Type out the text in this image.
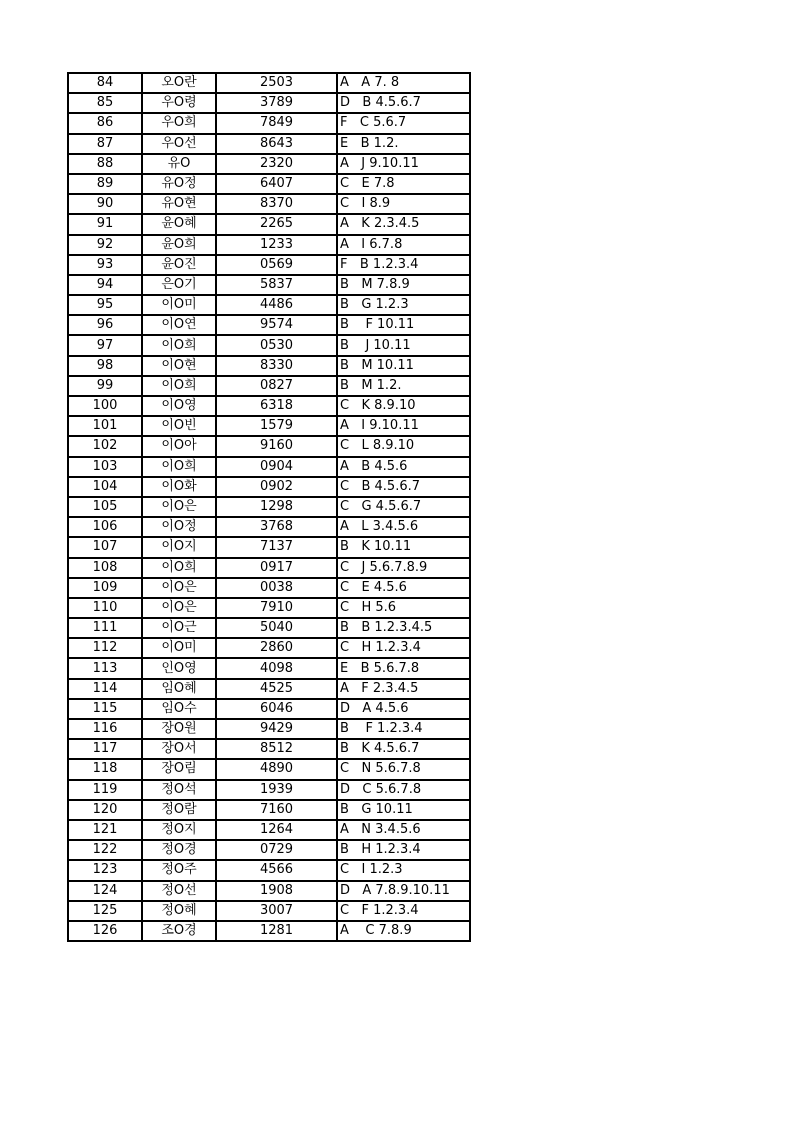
84	오O란	2503	A   A 7. 8
85	우O령	3789	D   B 4.5.6.7
86	우O희	7849	F   C 5.6.7
87	우O선	8643	E   B 1.2.
88	유O	2320	A   J 9.10.11
89	유O정	6407	C   E 7.8
90	유O현	8370	C   I 8.9
91	윤O혜	2265	A   K 2.3.4.5
92	윤O희	1233	A   I 6.7.8
93	윤O진	0569	F   B 1.2.3.4
94	은O기	5837	B   M 7.8.9
95	이O미	4486	B   G 1.2.3
96	이O연	9574	B    F 10.11
97	이O희	0530	B    J 10.11
98	이O현	8330	B   M 10.11
99	이O희	0827	B   M 1.2.
100	이O영	6318	C   K 8.9.10
101	이O빈	1579	A   I 9.10.11
102	이O아	9160	C   L 8.9.10
103	이O희	0904	A   B 4.5.6
104	이O화	0902	C   B 4.5.6.7
105	이O은	1298	C   G 4.5.6.7
106	이O정	3768	A   L 3.4.5.6
107	이O지	7137	B   K 10.11
108	이O희	0917	C   J 5.6.7.8.9
109	이O은	0038	C   E 4.5.6
110	이O은	7910	C   H 5.6
111	이O근	5040	B   B 1.2.3.4.5
112	이O미	2860	C   H 1.2.3.4
113	인O영	4098	E   B 5.6.7.8
114	임O혜	4525	A   F 2.3.4.5
115	임O수	6046	D   A 4.5.6
116	장O원	9429	B    F 1.2.3.4
117	장O서	8512	B   K 4.5.6.7
118	장O림	4890	C   N 5.6.7.8
119	정O석	1939	D   C 5.6.7.8
120	정O람	7160	B   G 10.11
121	정O지	1264	A   N 3.4.5.6
122	정O경	0729	B   H 1.2.3.4
123	정O주	4566	C   I 1.2.3
124	정O선	1908	D   A 7.8.9.10.11
125	정O혜	3007	C   F 1.2.3.4
126	조O경	1281	A    C 7.8.9
